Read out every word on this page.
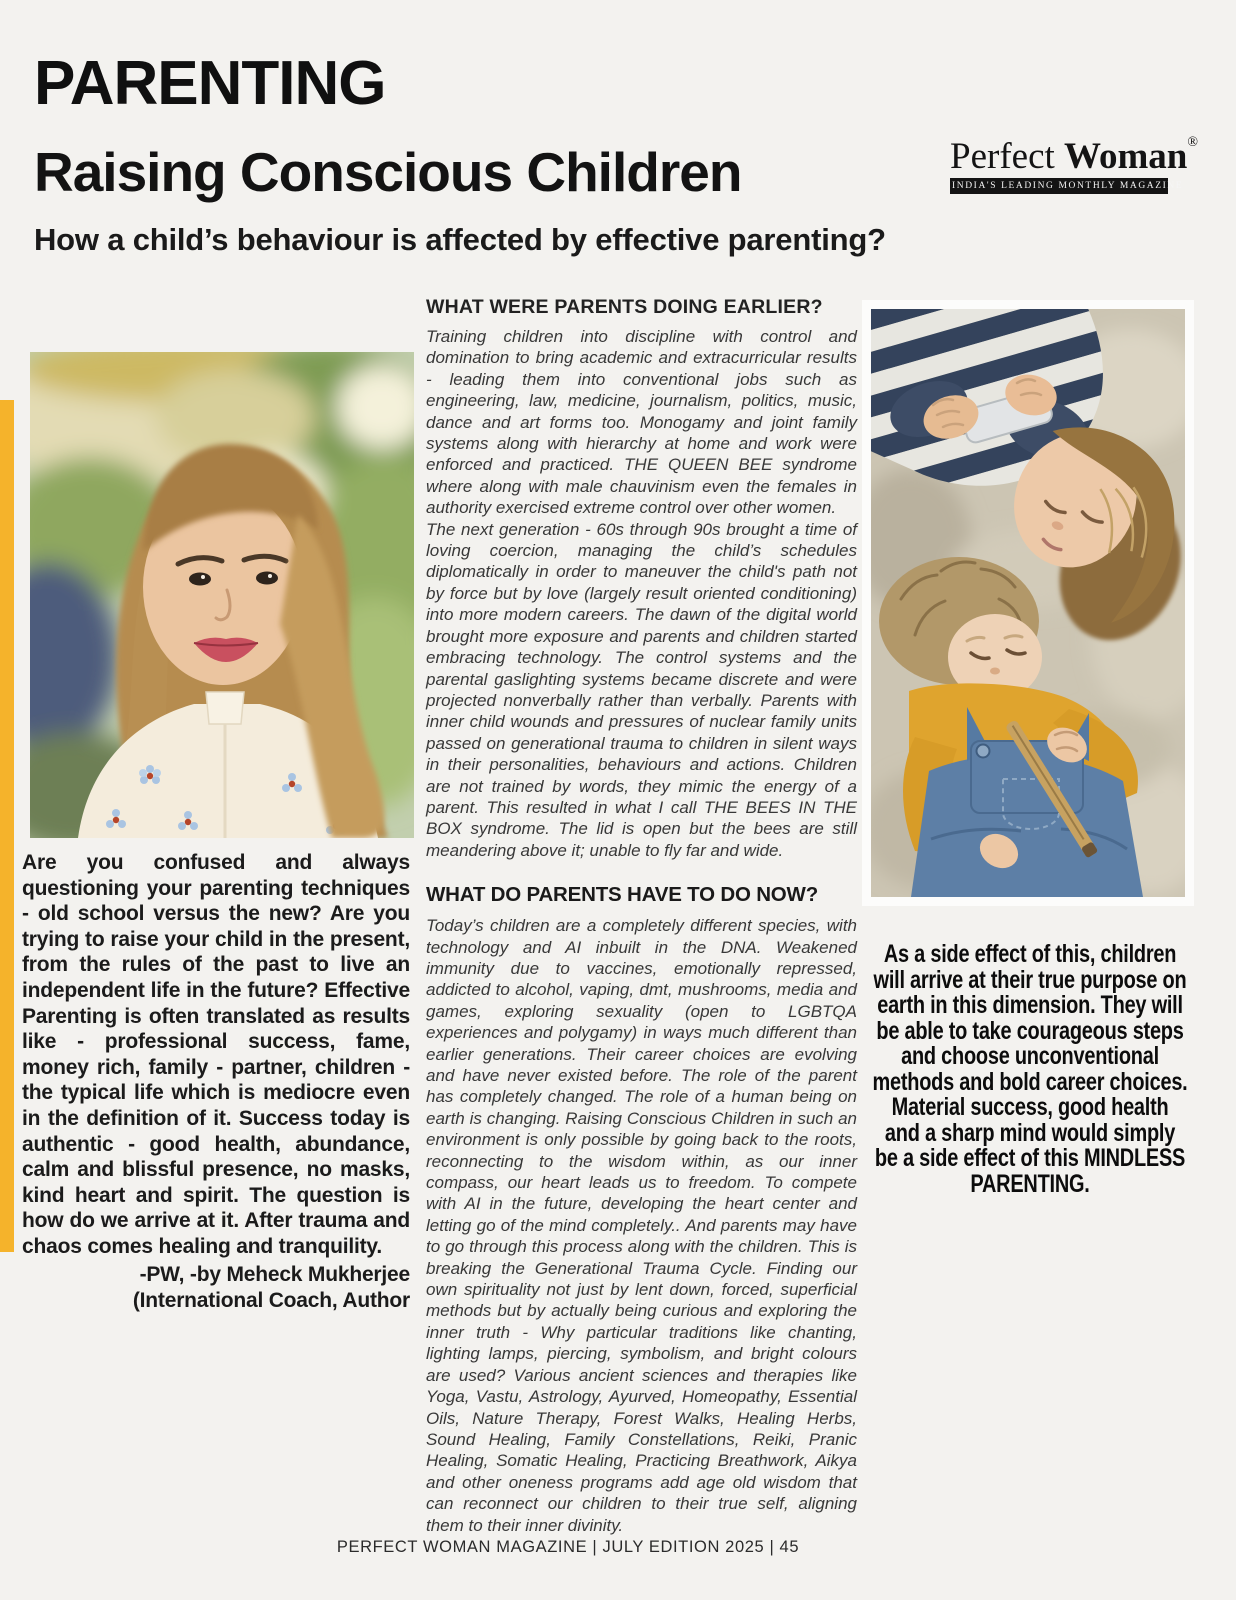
PARENTING
Raising Conscious Children
How a child’s behaviour is affected by effective parenting?
Perfect Woman®
INDIA'S LEADING MONTHLY MAGAZINE
Are you confused and always questioning your parenting techniques - old school versus the new? Are you trying to raise your child in the present, from the rules of the past to live an independent life in the future? Effective Parenting is often translated as results like - professional success, fame, money rich, family - partner, children - the typical life which is mediocre even in the definition of it. Success today is authentic - good health, abundance, calm and blissful presence, no masks, kind heart and spirit. The question is how do we arrive at it. After trauma and chaos comes healing and tranquility.
-PW, -by Meheck Mukherjee
(International Coach, Author
WHAT WERE PARENTS DOING EARLIER?

Training children into discipline with control and domination to bring academic and extracurricular results - leading them into conventional jobs such as engineering, law, medicine, journalism, politics, music, dance and art forms too. Monogamy and joint family systems along with hierarchy at home and work were enforced and practiced. THE QUEEN BEE syndrome where along with male chauvinism even the females in authority exercised extreme control over other women.

The next generation - 60s through 90s brought a time of loving coercion, managing the child’s schedules diplomatically in order to maneuver the child's path not by force but by love (largely result oriented conditioning) into more modern careers. The dawn of the digital world brought more exposure and parents and children started embracing technology. The control systems and the parental gaslighting systems became discrete and were projected nonverbally rather than verbally. Parents with inner child wounds and pressures of nuclear family units passed on generational trauma to children in silent ways in their personalities, behaviours and actions. Children are not trained by words, they mimic the energy of a parent. This resulted in what I call THE BEES IN THE BOX syndrome. The lid is open but the bees are still meandering above it; unable to fly far and wide.

WHAT DO PARENTS HAVE TO DO NOW?

Today’s children are a completely different species, with technology and AI inbuilt in the DNA. Weakened immunity due to vaccines, emotionally repressed, addicted to alcohol, vaping, dmt, mushrooms, media and games, exploring sexuality (open to LGBTQA experiences and polygamy) in ways much different than earlier generations. Their career choices are evolving and have never existed before. The role of the parent has completely changed. The role of a human being on earth is changing. Raising Conscious Children in such an environment is only possible by going back to the roots, reconnecting to the wisdom within, as our inner compass, our heart leads us to freedom. To compete with AI in the future, developing the heart center and letting go of the mind completely.. And parents may have to go through this process along with the children. This is breaking the Generational Trauma Cycle. Finding our own spirituality not just by lent down, forced, superficial methods but by actually being curious and exploring the inner truth - Why particular traditions like chanting, lighting lamps, piercing, symbolism, and bright colours are used? Various ancient sciences and therapies like Yoga, Vastu, Astrology, Ayurved, Homeopathy, Essential Oils, Nature Therapy, Forest Walks, Healing Herbs, Sound Healing, Family Constellations, Reiki, Pranic Healing, Somatic Healing, Practicing Breathwork, Aikya and other oneness programs add age old wisdom that can reconnect our children to their true self, aligning them to their inner divinity.

As a side effect of this, children will arrive at their true purpose on earth in this dimension. They will be able to take courageous steps and choose unconventional methods and bold career choices. Material success, good health and a sharp mind would simply be a side effect of this MINDLESS PARENTING.
PERFECT WOMAN MAGAZINE | JULY EDITION 2025 | 45
